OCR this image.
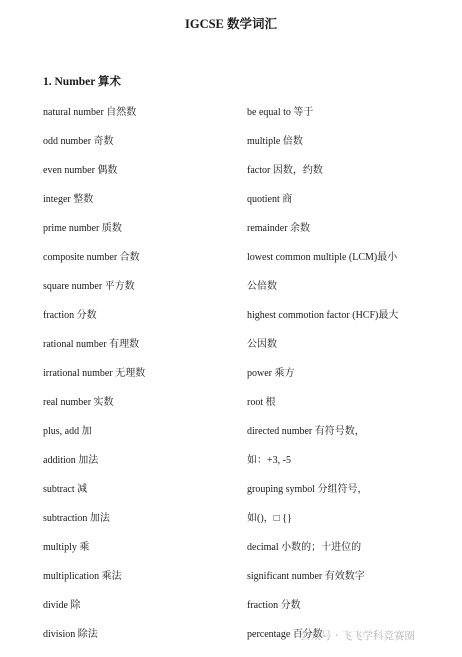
IGCSE 数学词汇
1. Number 算术
natural number 自然数	be equal to 等于
odd number 奇数	multiple 倍数
even number 偶数	factor 因数，约数
integer 整数	quotient 商
prime number 质数	remainder 余数
composite number 合数	lowest common multiple (LCM)最小
square number 平方数	公倍数
fraction 分数	highest commotion factor (HCF)最大
rational number 有理数	公因数
irrational number 无理数	power 乘方
real number 实数	root 根
plus, add 加	directed number 有符号数，
addition 加法	如：+3, -5
subtract 减	grouping symbol 分组符号，
subtraction 加法	如()，□ {}
multiply 乘	decimal 小数的；十进位的
multiplication 乘法	significant number 有效数字
divide 除	fraction 分数
division 除法	percentage 百分数
公众号 · 飞飞学科竞赛圈
